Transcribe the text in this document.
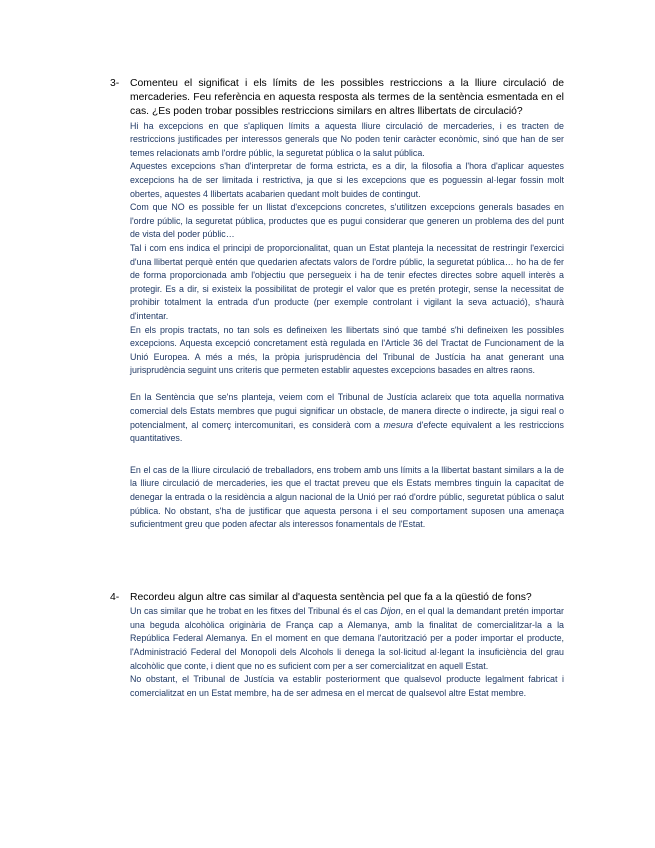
3- Comenteu el significat i els límits de les possibles restriccions a la lliure circulació de mercaderies. Feu referència en aquesta resposta als termes de la sentència esmentada en el cas. ¿Es poden trobar possibles restriccions similars en altres llibertats de circulació?

Hi ha excepcions en que s'apliquen límits a aquesta lliure circulació de mercaderies, i es tracten de restriccions justificades per interessos generals que No poden tenir caràcter econòmic, sinó que han de ser temes relacionats amb l'ordre públic, la seguretat pública o la salut pública.

Aquestes excepcions s'han d'interpretar de forma estricta, es a dir, la filosofia a l'hora d'aplicar aquestes excepcions ha de ser limitada i restrictiva, ja que si les excepcions que es poguessin al·legar fossin molt obertes, aquestes 4 llibertats acabarien quedant molt buides de contingut.

Com que NO es possible fer un llistat d'excepcions concretes, s'utilitzen excepcions generals basades en l'ordre públic, la seguretat pública, productes que es pugui considerar que generen un problema des del punt de vista del poder públic…

Tal i com ens indica el principi de proporcionalitat, quan un Estat planteja la necessitat de restringir l'exercici d'una llibertat perquè entén que quedarien afectats valors de l'ordre públic, la seguretat pública… ho ha de fer de forma proporcionada amb l'objectiu que persegueix i ha de tenir efectes directes sobre aquell interès a protegir. Es a dir, si existeix la possibilitat de protegir el valor que es pretén protegir, sense la necessitat de prohibir totalment la entrada d'un producte (per exemple controlant i vigilant la seva actuació), s'haurà d'intentar.

En els propis tractats, no tan sols es defineixen les llibertats sinó que també s'hi defineixen les possibles excepcions. Aquesta excepció concretament està regulada en l'Article 36 del Tractat de Funcionament de la Unió Europea. A més a més, la pròpia jurisprudència del Tribunal de Justícia ha anat generant una jurisprudència seguint uns criteris que permeten establir aquestes excepcions basades en altres raons.

En la Sentència que se'ns planteja, veiem com el Tribunal de Justícia aclareix que tota aquella normativa comercial dels Estats membres que pugui significar un obstacle, de manera directe o indirecte, ja sigui real o potencialment, al comerç intercomunitari, es considerà com a mesura d'efecte equivalent a les restriccions quantitatives.

En el cas de la lliure circulació de treballadors, ens trobem amb uns límits a la llibertat bastant similars a la de la lliure circulació de mercaderies, ies que el tractat preveu que els Estats membres tinguin la capacitat de denegar la entrada o la residència a algun nacional de la Unió per raó d'ordre públic, seguretat pública o salut pública. No obstant, s'ha de justificar que aquesta persona i el seu comportament suposen una amenaça suficientment greu que poden afectar als interessos fonamentals de l'Estat.

4- Recordeu algun altre cas similar al d'aquesta sentència pel que fa a la qüestió de fons?

Un cas similar que he trobat en les fitxes del Tribunal és el cas Dijon, en el qual la demandant pretén importar una beguda alcohòlica originària de França cap a Alemanya, amb la finalitat de comercialitzar-la a la República Federal Alemanya. En el moment en que demana l'autorització per a poder importar el producte, l'Administració Federal del Monopoli dels Alcohols li denega la sol·licitud al·legant la insuficiència del grau alcohòlic que conte, i dient que no es suficient com per a ser comercialitzat en aquell Estat.

No obstant, el Tribunal de Justícia va establir posteriorment que qualsevol producte legalment fabricat i comercialitzat en un Estat membre, ha de ser admesa en el mercat de qualsevol altre Estat membre.
